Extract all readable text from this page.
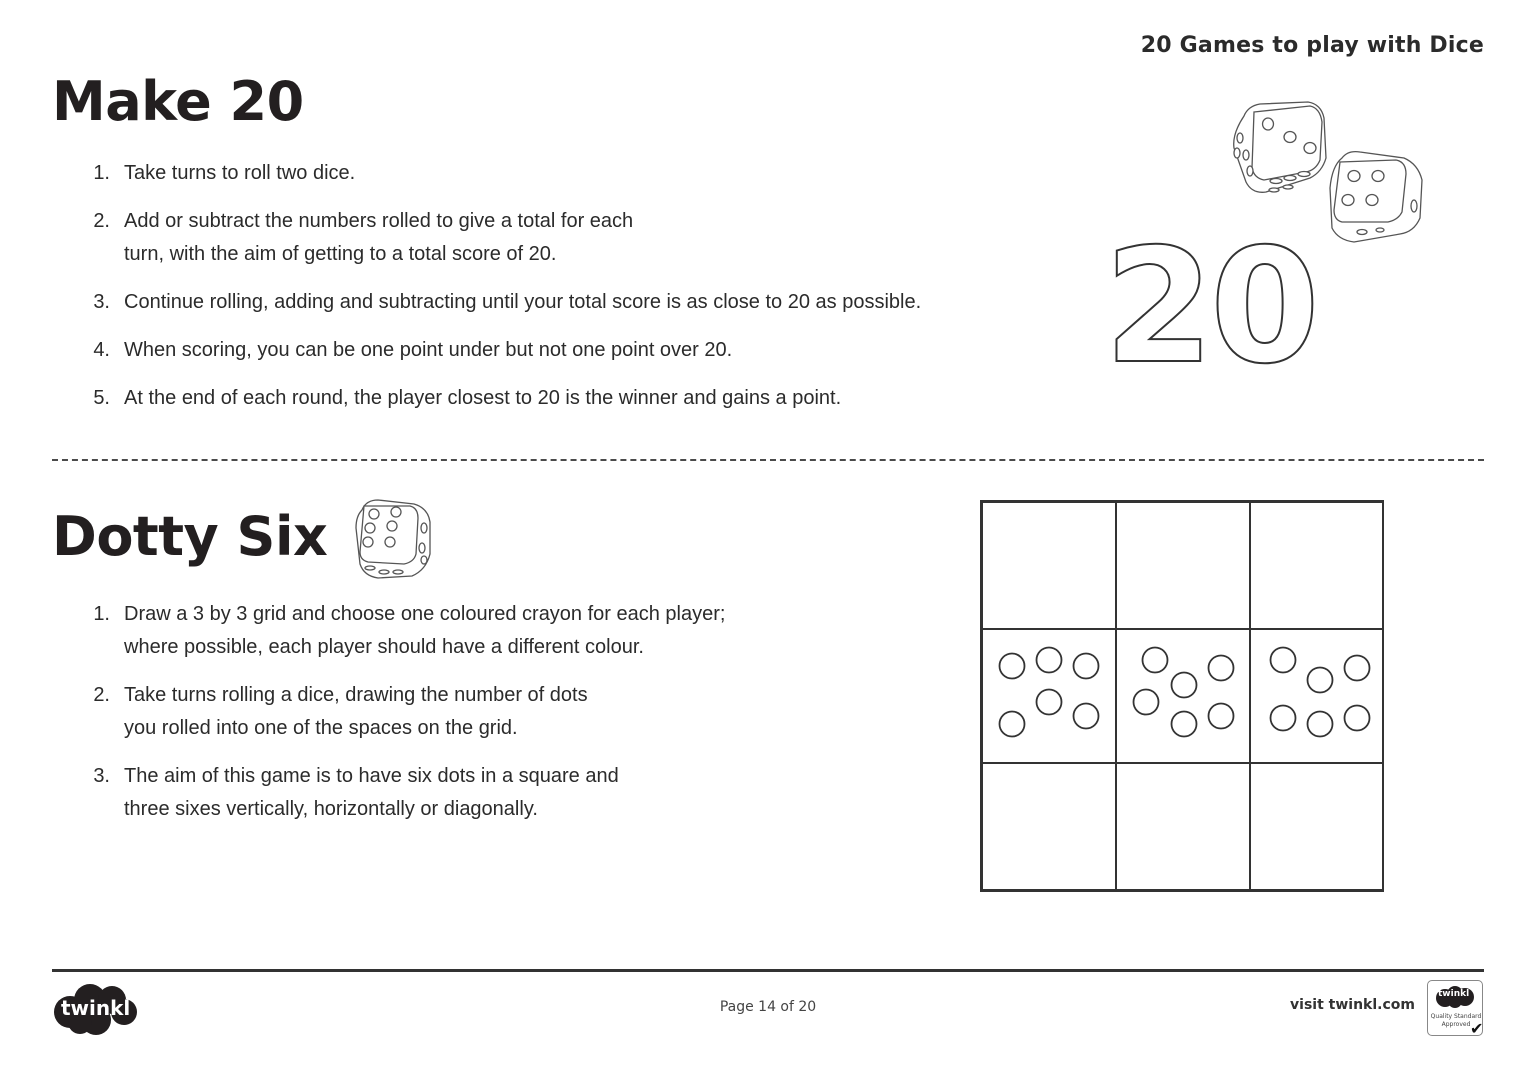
20 Games to play with Dice
Make 20
1. Take turns to roll two dice.
2. Add or subtract the numbers rolled to give a total for each
turn, with the aim of getting to a total score of 20.
3. Continue rolling, adding and subtracting until your total score is as close to 20 as possible.
4. When scoring, you can be one point under but not one point over 20.
5. At the end of each round, the player closest to 20 is the winner and gains a point.	20
Dotty Six
1. Draw a 3 by 3 grid and choose one coloured crayon for each player;
where possible, each player should have a different colour.
2. Take turns rolling a dice, drawing the number of dots
you rolled into one of the spaces on the grid.
3. The aim of this game is to have six dots in a square and
three sixes vertically, horizontally or diagonally.
twinkl	Page 14 of 20	visit twinkl.com
twinkl
Quality Standard
Approved ✔
